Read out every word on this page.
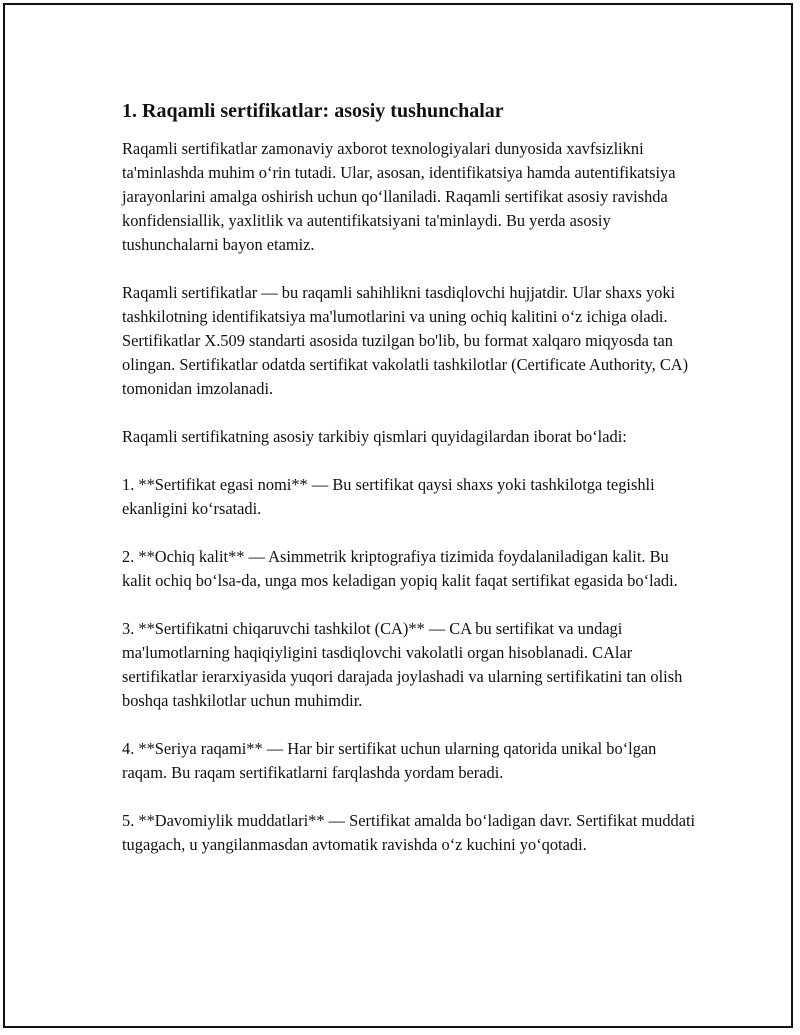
1. Raqamli sertifikatlar: asosiy tushunchalar

Raqamli sertifikatlar zamonaviy axborot texnologiyalari dunyosida xavfsizlikni ta'minlashda muhim o‘rin tutadi. Ular, asosan, identifikatsiya hamda autentifikatsiya jarayonlarini amalga oshirish uchun qo‘llaniladi. Raqamli sertifikat asosiy ravishda konfidensiallik, yaxlitlik va autentifikatsiyani ta'minlaydi. Bu yerda asosiy tushunchalarni bayon etamiz.

Raqamli sertifikatlar — bu raqamli sahihlikni tasdiqlovchi hujjatdir. Ular shaxs yoki tashkilotning identifikatsiya ma'lumotlarini va uning ochiq kalitini o‘z ichiga oladi. Sertifikatlar X.509 standarti asosida tuzilgan bo'lib, bu format xalqaro miqyosda tan olingan. Sertifikatlar odatda sertifikat vakolatli tashkilotlar (Certificate Authority, CA) tomonidan imzolanadi.

Raqamli sertifikatning asosiy tarkibiy qismlari quyidagilardan iborat bo‘ladi:

1. **Sertifikat egasi nomi** — Bu sertifikat qaysi shaxs yoki tashkilotga tegishli ekanligini ko‘rsatadi.

2. **Ochiq kalit** — Asimmetrik kriptografiya tizimida foydalaniladigan kalit. Bu kalit ochiq bo‘lsa-da, unga mos keladigan yopiq kalit faqat sertifikat egasida bo‘ladi.

3. **Sertifikatni chiqaruvchi tashkilot (CA)** — CA bu sertifikat va undagi ma'lumotlarning haqiqiyligini tasdiqlovchi vakolatli organ hisoblanadi. CAlar sertifikatlar ierarxiyasida yuqori darajada joylashadi va ularning sertifikatini tan olish boshqa tashkilotlar uchun muhimdir.

4. **Seriya raqami** — Har bir sertifikat uchun ularning qatorida unikal bo‘lgan raqam. Bu raqam sertifikatlarni farqlashda yordam beradi.

5. **Davomiylik muddatlari** — Sertifikat amalda bo‘ladigan davr. Sertifikat muddati tugagach, u yangilanmasdan avtomatik ravishda o‘z kuchini yo‘qotadi.
